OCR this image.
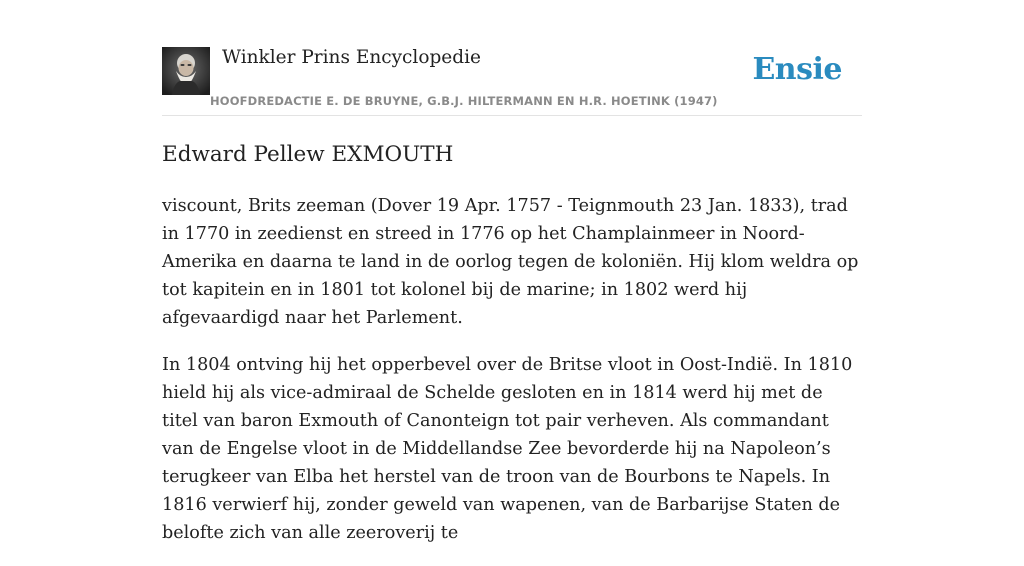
Winkler Prins Encyclopedie
HOOFDREDACTIE E. DE BRUYNE, G.B.J. HILTERMANN EN H.R. HOETINK (1947)
Ensie
Edward Pellew EXMOUTH

viscount, Brits zeeman (Dover 19 Apr. 1757 - Teignmouth 23 Jan. 1833), trad in 1770 in zeedienst en streed in 1776 op het Champlainmeer in Noord-Amerika en daarna te land in de oorlog tegen de koloniën. Hij klom weldra op tot kapitein en in 1801 tot kolonel bij de marine; in 1802 werd hij afgevaardigd naar het Parlement.

In 1804 ontving hij het opperbevel over de Britse vloot in Oost-Indië. In 1810 hield hij als vice-admiraal de Schelde gesloten en in 1814 werd hij met de titel van baron Exmouth of Canonteign tot pair verheven. Als commandant van de Engelse vloot in de Middellandse Zee bevorderde hij na Napoleon’s terugkeer van Elba het herstel van de troon van de Bourbons te Napels. In 1816 verwierf hij, zonder geweld van wapenen, van de Barbarijse Staten de belofte zich van alle zeeroverij te
